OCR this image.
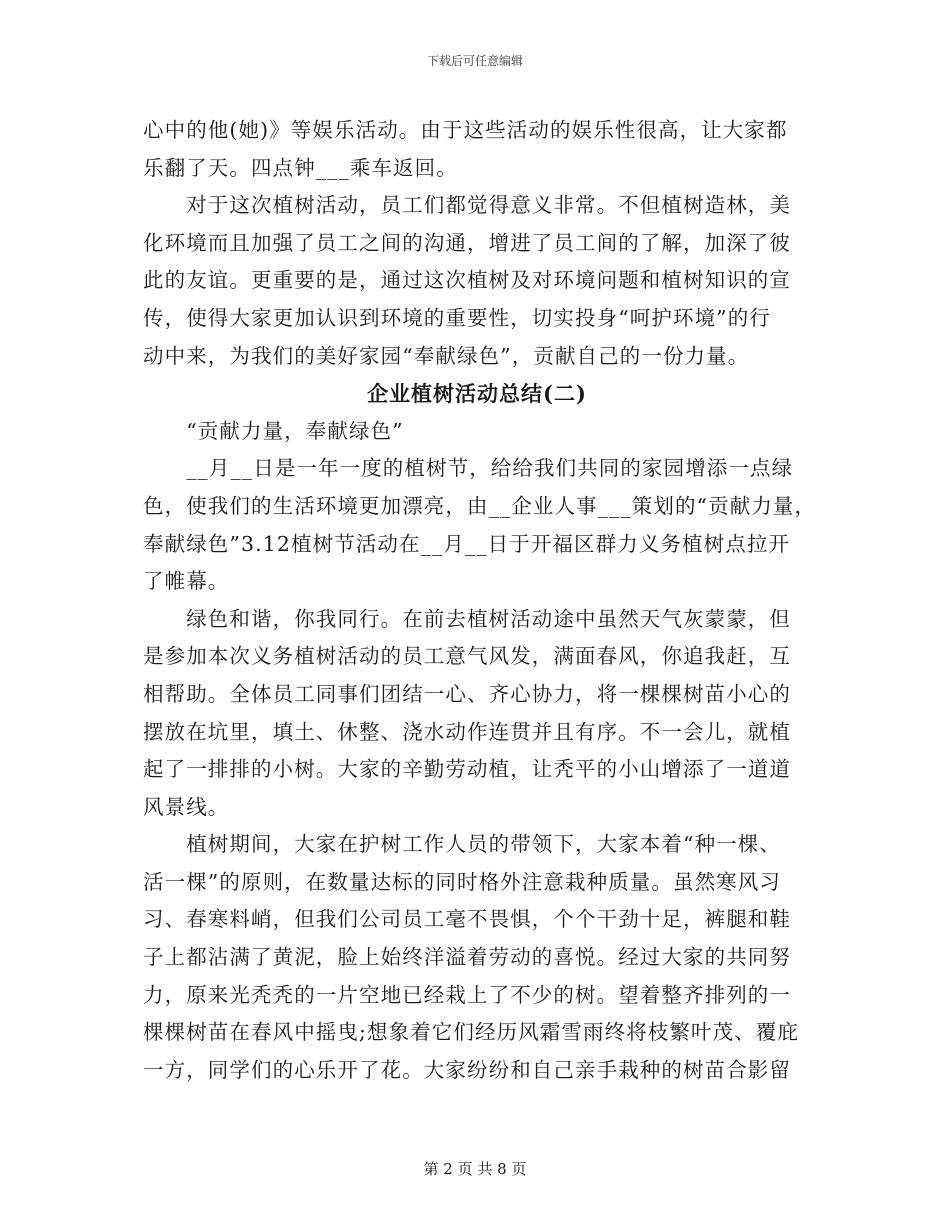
下载后可任意编辑

心中的他(她)》等娱乐活动。由于这些活动的娱乐性很高，让大家都
乐翻了天。四点钟___乘车返回。

　　对于这次植树活动，员工们都觉得意义非常。不但植树造林，美
化环境而且加强了员工之间的沟通，增进了员工间的了解，加深了彼
此的友谊。更重要的是，通过这次植树及对环境问题和植树知识的宣
传，使得大家更加认识到环境的重要性，切实投身“呵护环境”的行
动中来，为我们的美好家园“奉献绿色”，贡献自己的一份力量。

企业植树活动总结(二)

　　“贡献力量，奉献绿色”

　　__月__日是一年一度的植树节，给给我们共同的家园增添一点绿
色，使我们的生活环境更加漂亮，由__企业人事___策划的“贡献力量，
奉献绿色”3.12植树节活动在__月__日于开福区群力义务植树点拉开
了帷幕。

　　绿色和谐，你我同行。在前去植树活动途中虽然天气灰蒙蒙，但
是参加本次义务植树活动的员工意气风发，满面春风，你追我赶，互
相帮助。全体员工同事们团结一心、齐心协力，将一棵棵树苗小心的
摆放在坑里，填土、休整、浇水动作连贯并且有序。不一会儿，就植
起了一排排的小树。大家的辛勤劳动植，让秃平的小山增添了一道道
风景线。

　　植树期间，大家在护树工作人员的带领下，大家本着“种一棵、
活一棵”的原则，在数量达标的同时格外注意栽种质量。虽然寒风习
习、春寒料峭，但我们公司员工毫不畏惧，个个干劲十足，裤腿和鞋
子上都沾满了黄泥，脸上始终洋溢着劳动的喜悦。经过大家的共同努
力，原来光秃秃的一片空地已经栽上了不少的树。望着整齐排列的一
棵棵树苗在春风中摇曳;想象着它们经历风霜雪雨终将枝繁叶茂、覆庇
一方，同学们的心乐开了花。大家纷纷和自己亲手栽种的树苗合影留

第 2 页 共 8 页
